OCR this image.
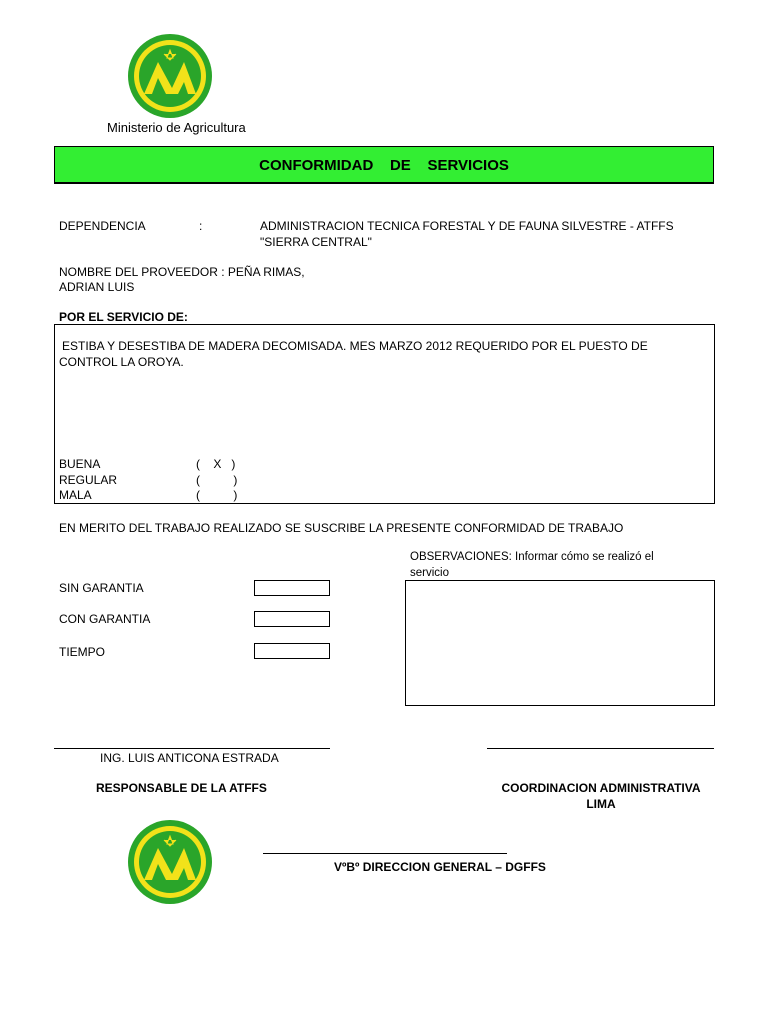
Ministerio de Agricultura
CONFORMIDAD    DE    SERVICIOS
DEPENDENCIA	:	ADMINISTRACION TECNICA FORESTAL Y DE FAUNA SILVESTRE - ATFFS
"SIERRA CENTRAL"
NOMBRE DEL PROVEEDOR : PEÑA RIMAS,
ADRIAN LUIS
POR EL SERVICIO DE:
ESTIBA Y DESESTIBA DE MADERA DECOMISADA. MES MARZO 2012 REQUERIDO POR EL PUESTO DE
CONTROL LA OROYA.
BUENA	(    X   )
REGULAR	(          )
MALA	(          )
EN MERITO DEL TRABAJO REALIZADO SE SUSCRIBE LA PRESENTE CONFORMIDAD DE TRABAJO
OBSERVACIONES: Informar cómo se realizó el
servicio
SIN GARANTIA
CON GARANTIA
TIEMPO
ING. LUIS ANTICONA ESTRADA
RESPONSABLE DE LA ATFFS	COORDINACION ADMINISTRATIVA
LIMA
VºBº DIRECCION GENERAL – DGFFS
